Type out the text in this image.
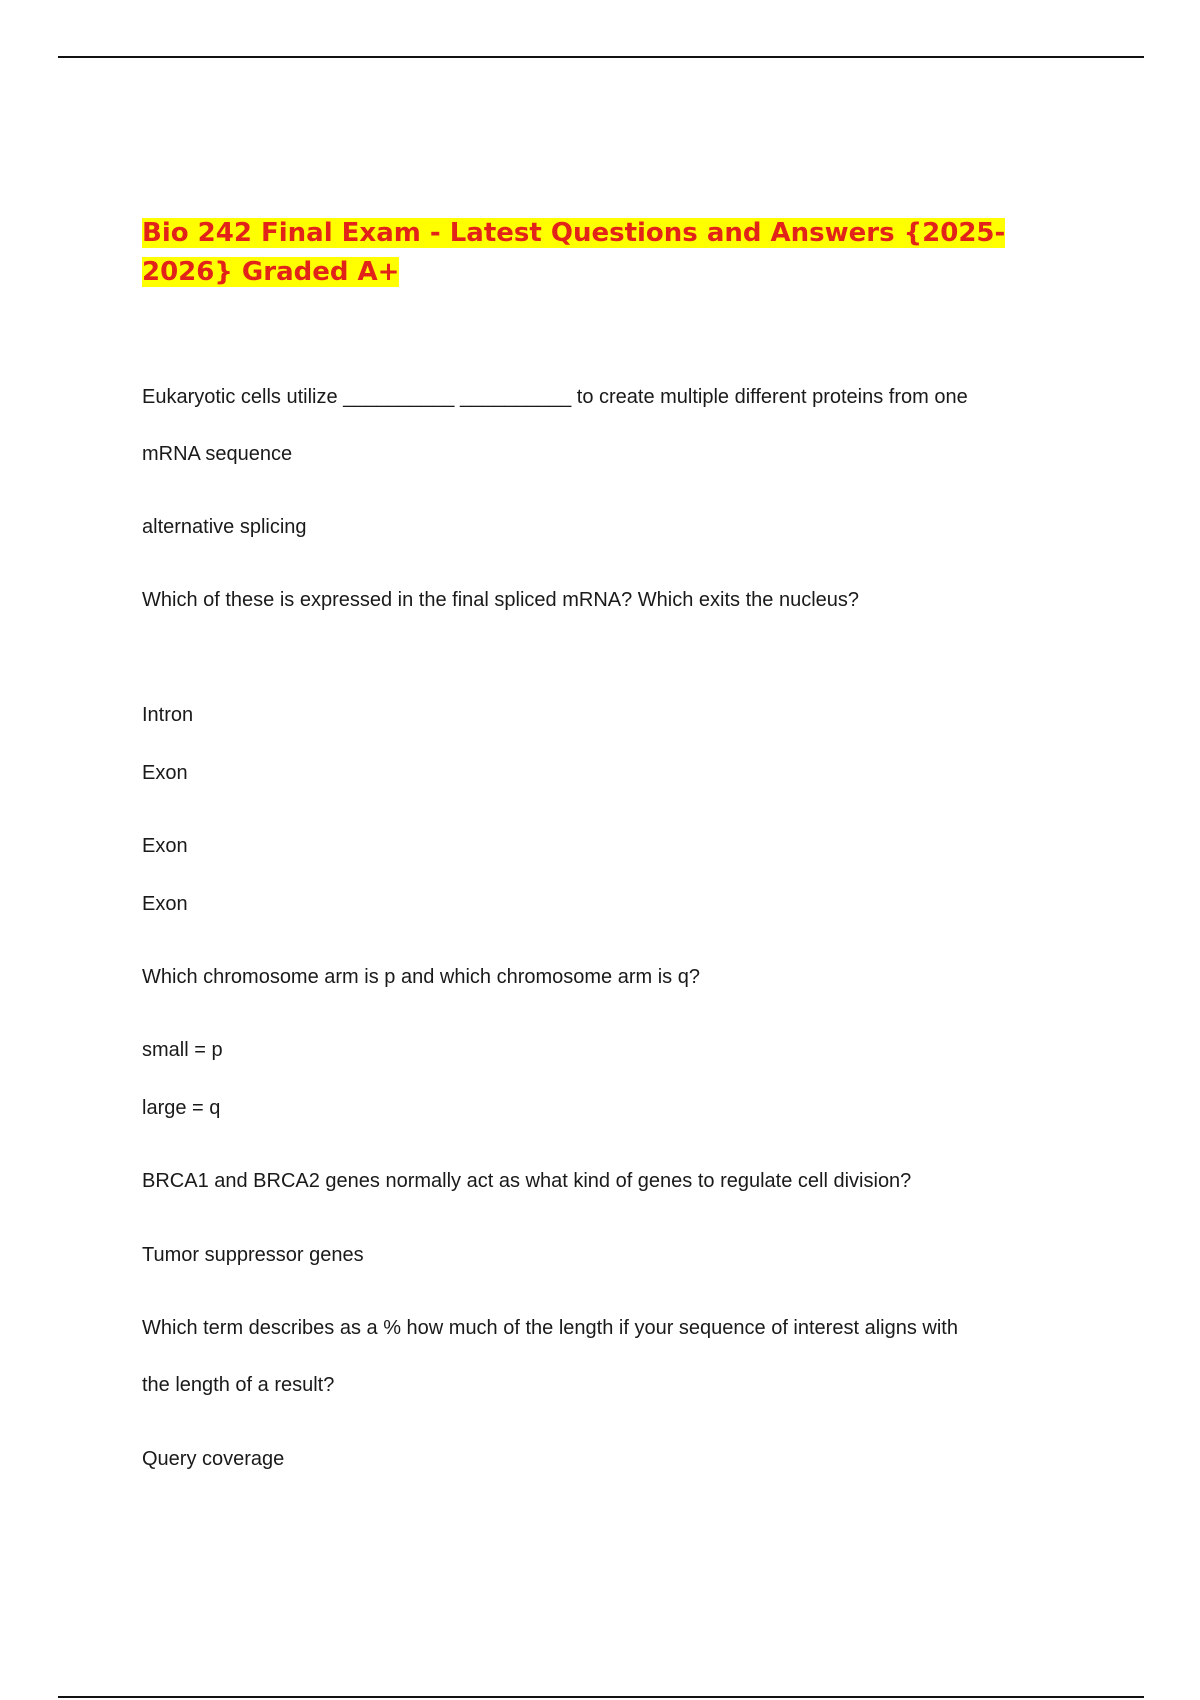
Bio 242 Final Exam - Latest Questions and Answers {2025-2026} Graded A+

Eukaryotic cells utilize __________ __________ to create multiple different proteins from one

mRNA sequence

alternative splicing

Which of these is expressed in the final spliced mRNA? Which exits the nucleus?

Intron

Exon

Exon

Exon

Which chromosome arm is p and which chromosome arm is q?

small = p

large = q

BRCA1 and BRCA2 genes normally act as what kind of genes to regulate cell division?

Tumor suppressor genes

Which term describes as a % how much of the length if your sequence of interest aligns with

the length of a result?

Query coverage
